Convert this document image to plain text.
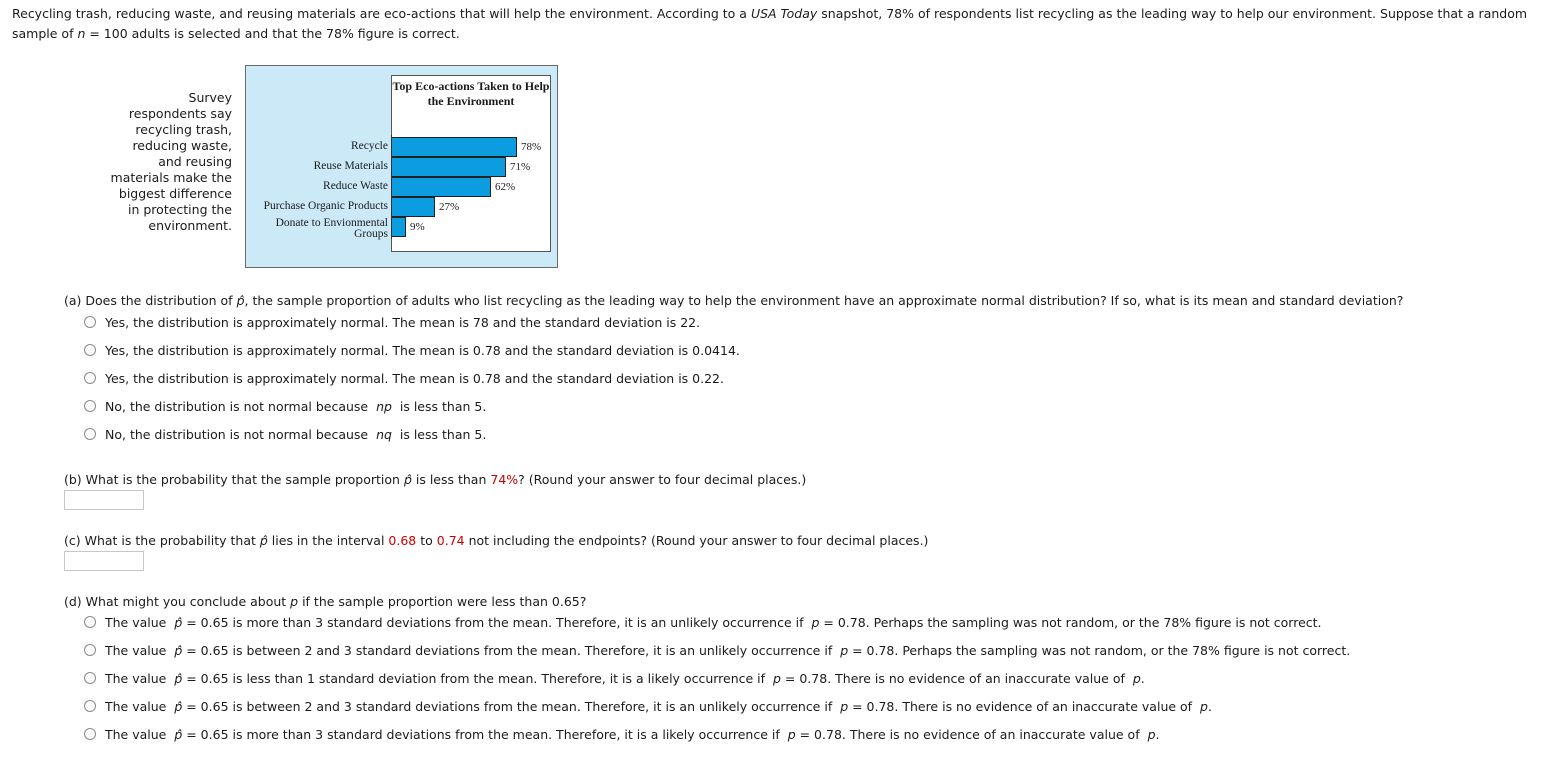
Recycling trash, reducing waste, and reusing materials are eco-actions that will help the environment. According to a USA Today snapshot, 78% of respondents list recycling as the leading way to help our environment. Suppose that a random sample of n = 100 adults is selected and that the 78% figure is correct.
Survey respondents say recycling trash, reducing waste, and reusing materials make the biggest difference in protecting the environment.
Top Eco-actions Taken to Help the Environment
78%
Recycle
71%
Reuse Materials
62%
Reduce Waste
27%
Purchase Organic Products
9%
Donate to Envionmental
Groups
(a) Does the distribution of p̂, the sample proportion of adults who list recycling as the leading way to help the environment have an approximate normal distribution? If so, what is its mean and standard deviation?
Yes, the distribution is approximately normal. The mean is 78 and the standard deviation is 22.
Yes, the distribution is approximately normal. The mean is 0.78 and the standard deviation is 0.0414.
Yes, the distribution is approximately normal. The mean is 0.78 and the standard deviation is 0.22.
No, the distribution is not normal because  np  is less than 5.
No, the distribution is not normal because  nq  is less than 5.
(b) What is the probability that the sample proportion p̂ is less than 74%? (Round your answer to four decimal places.)
(c) What is the probability that p̂ lies in the interval 0.68 to 0.74 not including the endpoints? (Round your answer to four decimal places.)
(d) What might you conclude about p if the sample proportion were less than 0.65?
The value  p̂ = 0.65 is more than 3 standard deviations from the mean. Therefore, it is an unlikely occurrence if  p = 0.78. Perhaps the sampling was not random, or the 78% figure is not correct.
The value  p̂ = 0.65 is between 2 and 3 standard deviations from the mean. Therefore, it is an unlikely occurrence if  p = 0.78. Perhaps the sampling was not random, or the 78% figure is not correct.
The value  p̂ = 0.65 is less than 1 standard deviation from the mean. Therefore, it is a likely occurrence if  p = 0.78. There is no evidence of an inaccurate value of  p.
The value  p̂ = 0.65 is between 2 and 3 standard deviations from the mean. Therefore, it is an unlikely occurrence if  p = 0.78. There is no evidence of an inaccurate value of  p.
The value  p̂ = 0.65 is more than 3 standard deviations from the mean. Therefore, it is a likely occurrence if  p = 0.78. There is no evidence of an inaccurate value of  p.
